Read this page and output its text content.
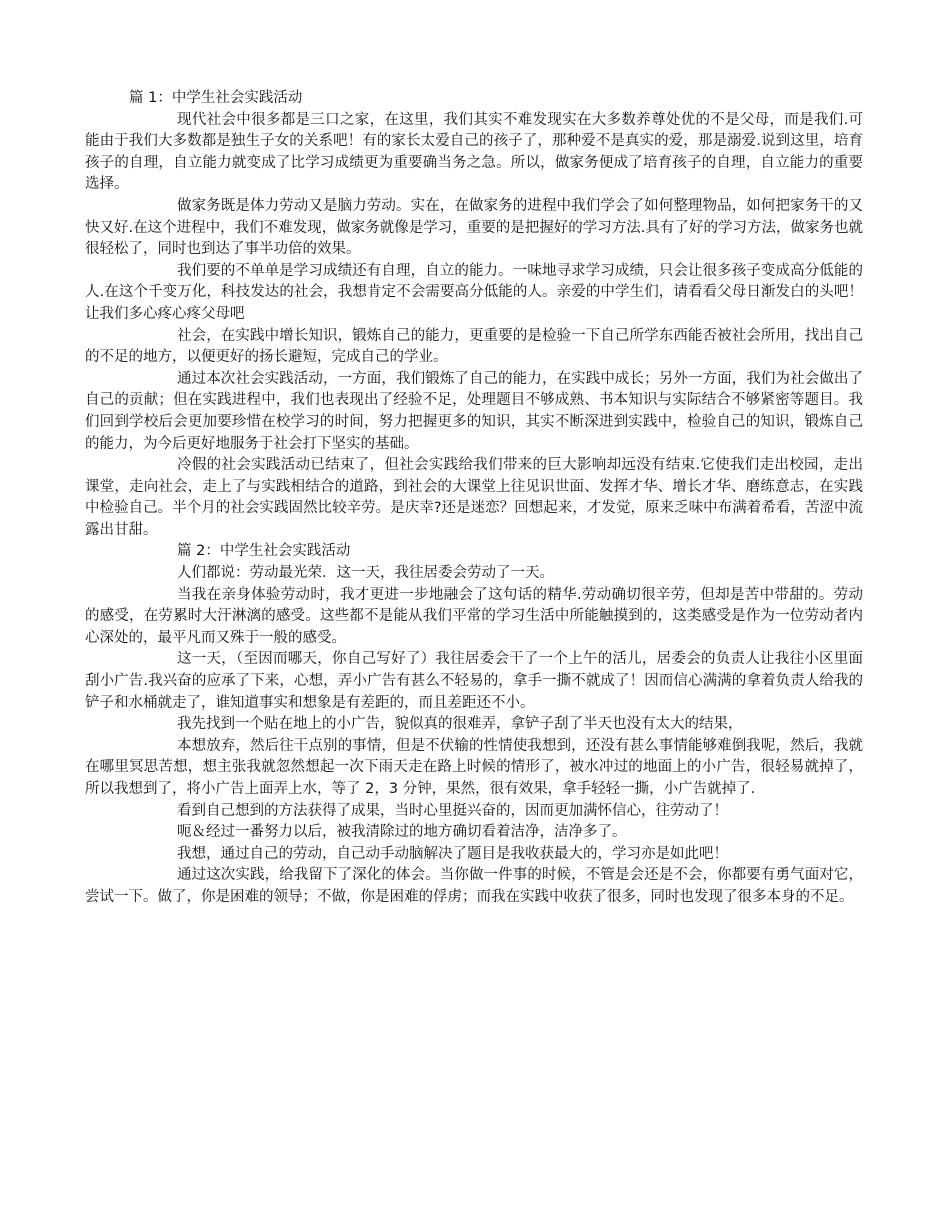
篇 1：中学生社会实践活动

现代社会中很多都是三口之家，在这里，我们其实不难发现实在大多数养尊处优的不是父母，而是我们.可能由于我们大多数都是独生子女的关系吧！有的家长太爱自己的孩子了，那种爱不是真实的爱，那是溺爱.说到这里，培育孩子的自理，自立能力就变成了比学习成绩更为重要确当务之急。所以，做家务便成了培育孩子的自理，自立能力的重要选择。

做家务既是体力劳动又是脑力劳动。实在，在做家务的进程中我们学会了如何整理物品，如何把家务干的又快又好.在这个进程中，我们不难发现，做家务就像是学习，重要的是把握好的学习方法.具有了好的学习方法，做家务也就很轻松了，同时也到达了事半功倍的效果。

我们要的不单单是学习成绩还有自理，自立的能力。一味地寻求学习成绩，只会让很多孩子变成高分低能的人.在这个千变万化，科技发达的社会，我想肯定不会需要高分低能的人。亲爱的中学生们，请看看父母日渐发白的头吧！让我们多心疼心疼父母吧

社会，在实践中增长知识，锻炼自己的能力，更重要的是检验一下自己所学东西能否被社会所用，找出自己的不足的地方，以便更好的扬长避短，完成自己的学业。

通过本次社会实践活动，一方面，我们锻炼了自己的能力，在实践中成长；另外一方面，我们为社会做出了自己的贡献；但在实践进程中，我们也表现出了经验不足，处理题目不够成熟、书本知识与实际结合不够紧密等题目。我们回到学校后会更加要珍惜在校学习的时间，努力把握更多的知识，其实不断深进到实践中，检验自己的知识，锻炼自己的能力，为今后更好地服务于社会打下坚实的基础。

冷假的社会实践活动已结束了，但社会实践给我们带来的巨大影响却远没有结束.它使我们走出校园，走出课堂，走向社会，走上了与实践相结合的道路，到社会的大课堂上往见识世面、发挥才华、增长才华、磨练意志，在实践中检验自己。半个月的社会实践固然比较辛劳。是庆幸?还是迷恋？回想起来，才发觉，原来乏味中布满着希看，苦涩中流露出甘甜。

篇 2：中学生社会实践活动

人们都说：劳动最光荣．这一天，我往居委会劳动了一天。

当我在亲身体验劳动时，我才更进一步地融会了这句话的精华.劳动确切很辛劳，但却是苦中带甜的。劳动的感受，在劳累时大汗淋漓的感受。这些都不是能从我们平常的学习生活中所能触摸到的，这类感受是作为一位劳动者内心深处的，最平凡而又殊于一般的感受。

这一天，（至因而哪天，你自己写好了）我往居委会干了一个上午的活儿，居委会的负责人让我往小区里面刮小广告.我兴奋的应承了下来，心想，弄小广告有甚么不轻易的，拿手一撕不就成了！因而信心满满的拿着负责人给我的铲子和水桶就走了，谁知道事实和想象是有差距的，而且差距还不小。

我先找到一个贴在地上的小广告，貌似真的很难弄，拿铲子刮了半天也没有太大的结果，

本想放弃，然后往干点别的事情，但是不伏输的性情使我想到，还没有甚么事情能够难倒我呢，然后，我就在哪里冥思苦想，想主张我就忽然想起一次下雨天走在路上时候的情形了，被水冲过的地面上的小广告，很轻易就掉了，所以我想到了，将小广告上面弄上水，等了 2，3 分钟，果然，很有效果，拿手轻轻一撕，小广告就掉了.

看到自己想到的方法获得了成果，当时心里挺兴奋的，因而更加满怀信心，往劳动了！

呃＆经过一番努力以后，被我清除过的地方确切看着洁净，洁净多了。

我想，通过自己的劳动，自己动手动脑解决了题目是我收获最大的，学习亦是如此吧！

通过这次实践，给我留下了深化的体会。当你做一件事的时候，不管是会还是不会，你都要有勇气面对它，尝试一下。做了，你是困难的领导；不做，你是困难的俘虏；而我在实践中收获了很多，同时也发现了很多本身的不足。
